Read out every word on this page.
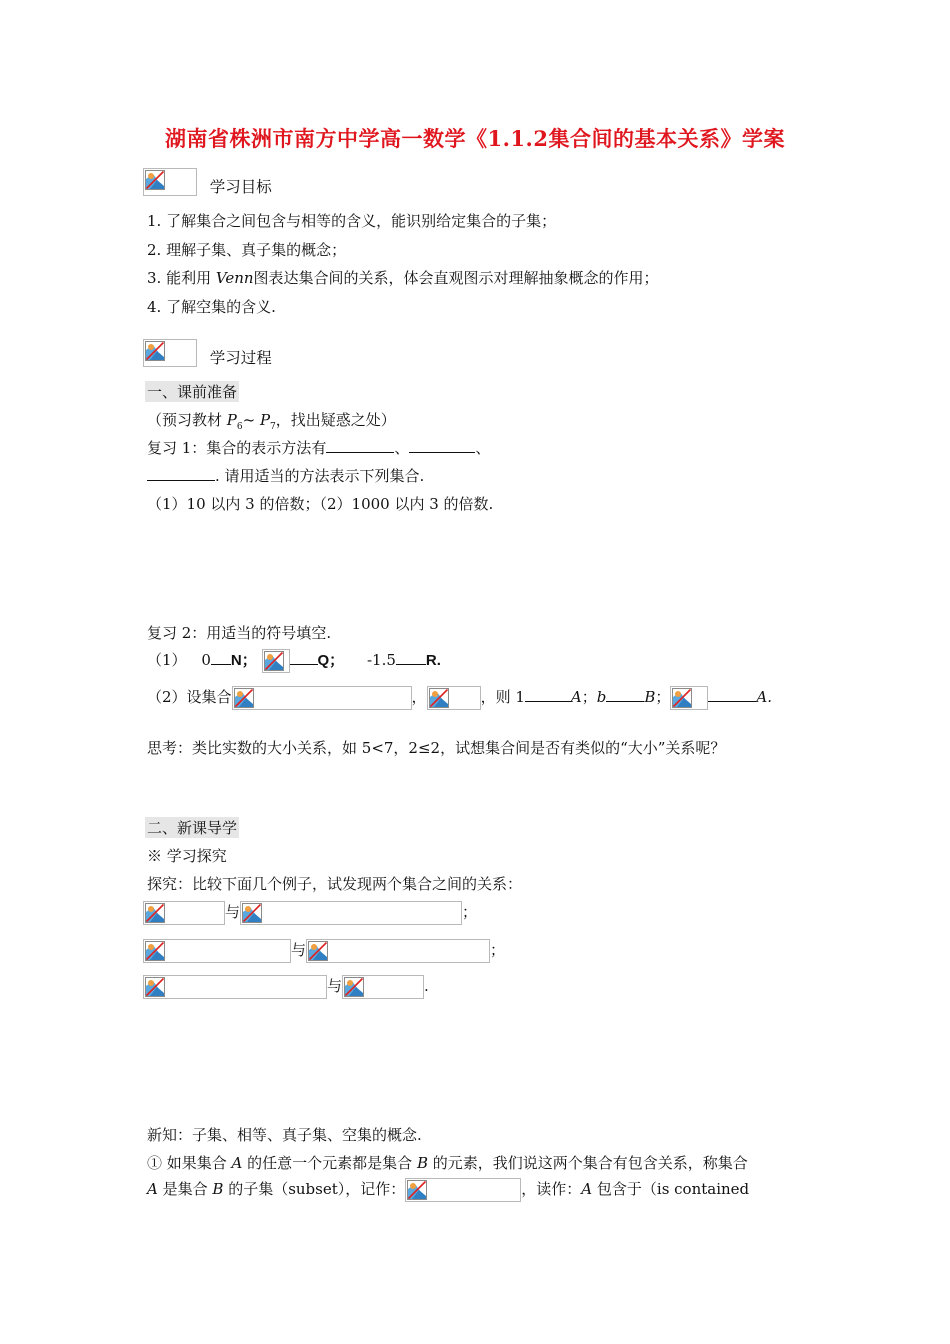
湖南省株洲市南方中学高一数学《1.1.2集合间的基本关系》学案
学习目标
1. 了解集合之间包含与相等的含义，能识别给定集合的子集；
2. 理解子集、真子集的概念；
3. 能利用 Venn图表达集合间的关系，体会直观图示对理解抽象概念的作用；
4. 了解空集的含义.
学习过程
一、课前准备
（预习教材 $P_6\sim$ $P_7$，找出疑惑之处）
复习 1：集合的表示方法有	、	、
. 请用适当的方法表示下列集合.
（1）10 以内 3 的倍数；（2）1000 以内 3 的倍数.
复习 2：用适当的符号填空.
（1） 0 N；	Q； -1.5 R.
（2）设集合	，	，则 1	A；b	B；	A.
思考：类比实数的大小关系，如 5<7，2≤2，试想集合间是否有类似的“大小”关系呢？
二、新课导学
※ 学习探究
探究：比较下面几个例子，试发现两个集合之间的关系：
与	；
与	；
与	.
新知：子集、相等、真子集、空集的概念.
① 如果集合 A 的任意一个元素都是集合 B 的元素，我们说这两个集合有包含关系，称集合
A 是集合 B 的子集（subset），记作：	，读作：A 包含于（is contained
